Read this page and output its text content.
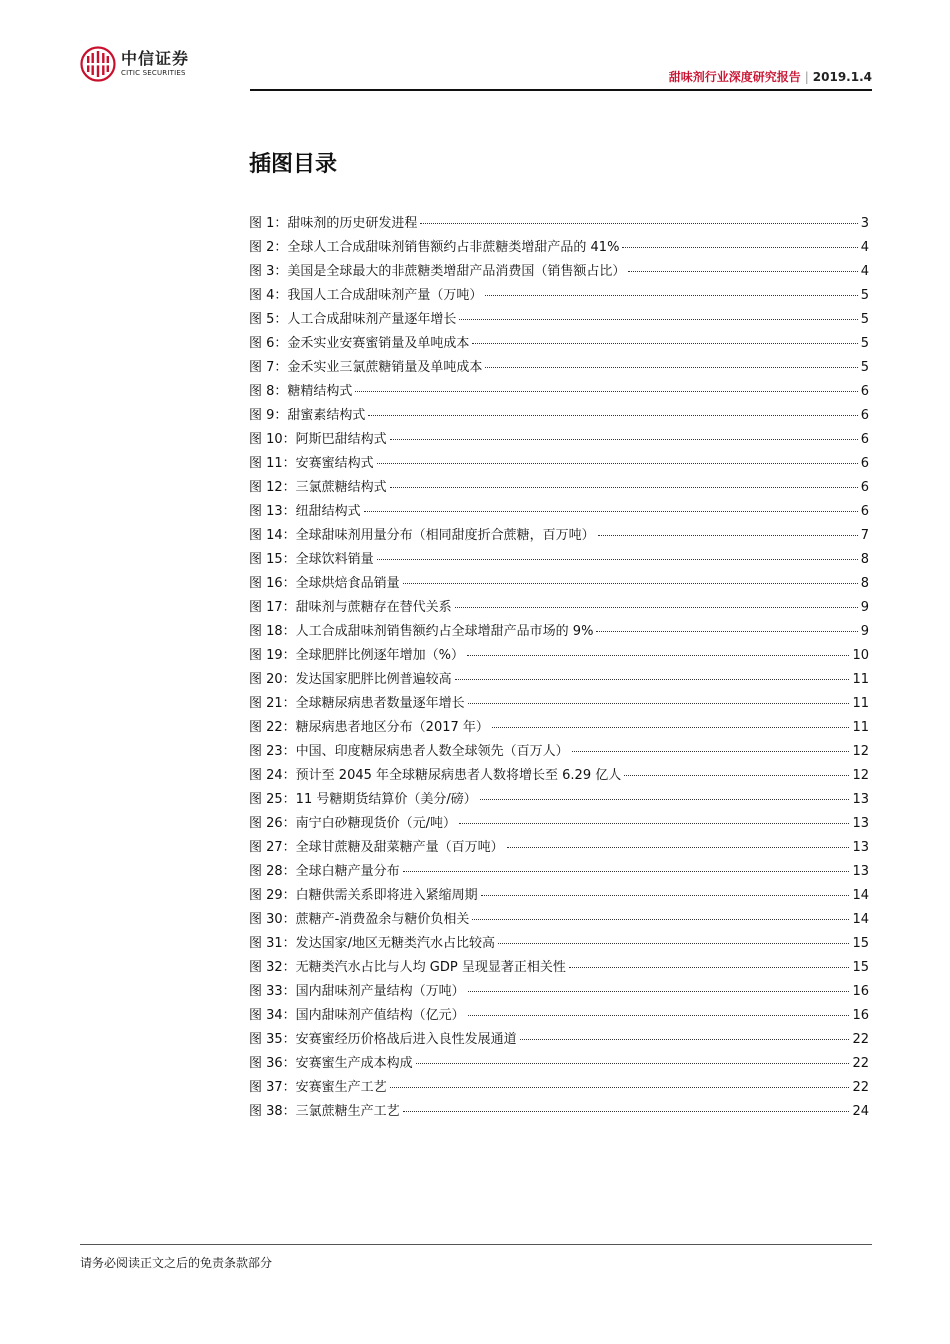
中信证券
CITIC SECURITIES	甜味剂行业深度研究报告 | 2019.1.4
插图目录
图 1：甜味剂的历史研发进程	3
图 2：全球人工合成甜味剂销售额约占非蔗糖类增甜产品的 41%	4
图 3：美国是全球最大的非蔗糖类增甜产品消费国（销售额占比）	4
图 4：我国人工合成甜味剂产量（万吨）	5
图 5：人工合成甜味剂产量逐年增长	5
图 6：金禾实业安赛蜜销量及单吨成本	5
图 7：金禾实业三氯蔗糖销量及单吨成本	5
图 8：糖精结构式	6
图 9：甜蜜素结构式	6
图 10：阿斯巴甜结构式	6
图 11：安赛蜜结构式	6
图 12：三氯蔗糖结构式	6
图 13：纽甜结构式	6
图 14：全球甜味剂用量分布（相同甜度折合蔗糖，百万吨）	7
图 15：全球饮料销量	8
图 16：全球烘焙食品销量	8
图 17：甜味剂与蔗糖存在替代关系	9
图 18：人工合成甜味剂销售额约占全球增甜产品市场的 9%	9
图 19：全球肥胖比例逐年增加（%）	10
图 20：发达国家肥胖比例普遍较高	11
图 21：全球糖尿病患者数量逐年增长	11
图 22：糖尿病患者地区分布（2017 年）	11
图 23：中国、印度糖尿病患者人数全球领先（百万人）	12
图 24：预计至 2045 年全球糖尿病患者人数将增长至 6.29 亿人	12
图 25：11 号糖期货结算价（美分/磅）	13
图 26：南宁白砂糖现货价（元/吨）	13
图 27：全球甘蔗糖及甜菜糖产量（百万吨）	13
图 28：全球白糖产量分布	13
图 29：白糖供需关系即将进入紧缩周期	14
图 30：蔗糖产-消费盈余与糖价负相关	14
图 31：发达国家/地区无糖类汽水占比较高	15
图 32：无糖类汽水占比与人均 GDP 呈现显著正相关性	15
图 33：国内甜味剂产量结构（万吨）	16
图 34：国内甜味剂产值结构（亿元）	16
图 35：安赛蜜经历价格战后进入良性发展通道	22
图 36：安赛蜜生产成本构成	22
图 37：安赛蜜生产工艺	22
图 38：三氯蔗糖生产工艺	24
请务必阅读正文之后的免责条款部分
